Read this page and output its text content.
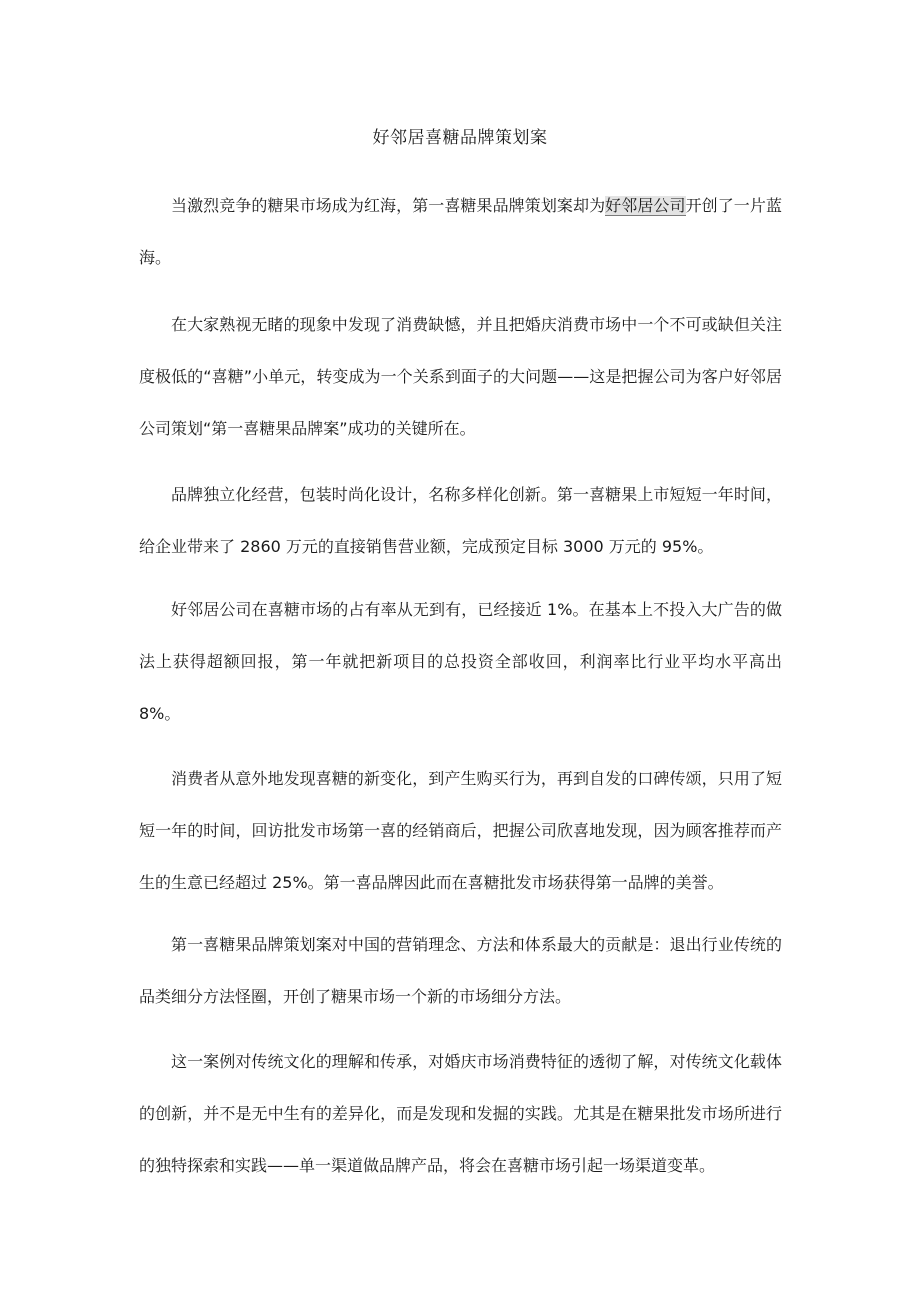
好邻居喜糖品牌策划案

当激烈竞争的糖果市场成为红海，第一喜糖果品牌策划案却为好邻居公司开创了一片蓝海。

在大家熟视无睹的现象中发现了消费缺憾，并且把婚庆消费市场中一个不可或缺但关注度极低的“喜糖”小单元，转变成为一个关系到面子的大问题——这是把握公司为客户好邻居公司策划“第一喜糖果品牌案”成功的关键所在。

品牌独立化经营，包装时尚化设计，名称多样化创新。第一喜糖果上市短短一年时间，给企业带来了 2860 万元的直接销售营业额，完成预定目标 3000 万元的 95%。

好邻居公司在喜糖市场的占有率从无到有，已经接近 1%。在基本上不投入大广告的做法上获得超额回报，第一年就把新项目的总投资全部收回，利润率比行业平均水平高出 8%。

消费者从意外地发现喜糖的新变化，到产生购买行为，再到自发的口碑传颂，只用了短短一年的时间，回访批发市场第一喜的经销商后，把握公司欣喜地发现，因为顾客推荐而产生的生意已经超过 25%。第一喜品牌因此而在喜糖批发市场获得第一品牌的美誉。

第一喜糖果品牌策划案对中国的营销理念、方法和体系最大的贡献是：退出行业传统的品类细分方法怪圈，开创了糖果市场一个新的市场细分方法。

这一案例对传统文化的理解和传承，对婚庆市场消费特征的透彻了解，对传统文化载体的创新，并不是无中生有的差异化，而是发现和发掘的实践。尤其是在糖果批发市场所进行的独特探索和实践——单一渠道做品牌产品，将会在喜糖市场引起一场渠道变革。
